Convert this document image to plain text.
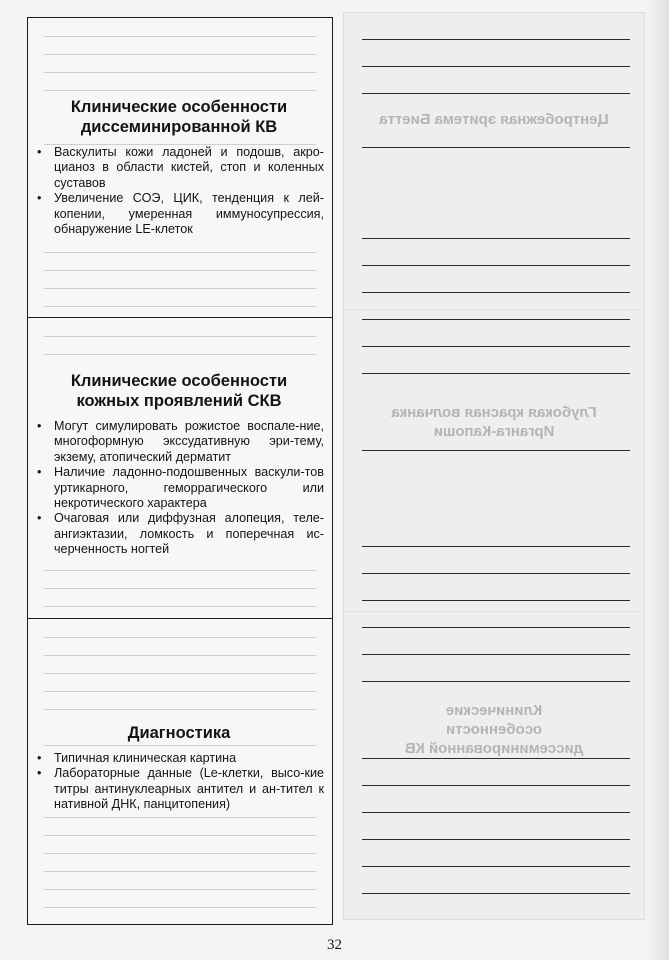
Клинические особенности
диссеминированной КВ
• Васкулиты кожи ладоней и подошв, акро-цианоз в области кистей, стоп и коленных суставов
• Увеличение СОЭ, ЦИК, тенденция к лей-копении, умеренная иммуносупрессия, обнаружение LE-клеток
Клинические особенности
кожных проявлений СКВ
• Могут симулировать рожистое воспале-ние, многоформную экссудативную эри-тему, экзему, атопический дерматит
• Наличие ладонно-подошвенных васкули-тов уртикарного, геморрагического или некротического характера
• Очаговая или диффузная алопеция, теле-ангиэктазии, ломкость и поперечная ис-черченность ногтей
Диагностика
• Типичная клиническая картина
• Лабораторные данные (Le-клетки, высо-кие титры антинуклеарных антител и ан-тител к нативной ДНК, панцитопения)
Центробежная эритема Биетта
Глубокая красная волчанка Ирганга-Капоши
Клинические особенности диссеминированной КВ
32
